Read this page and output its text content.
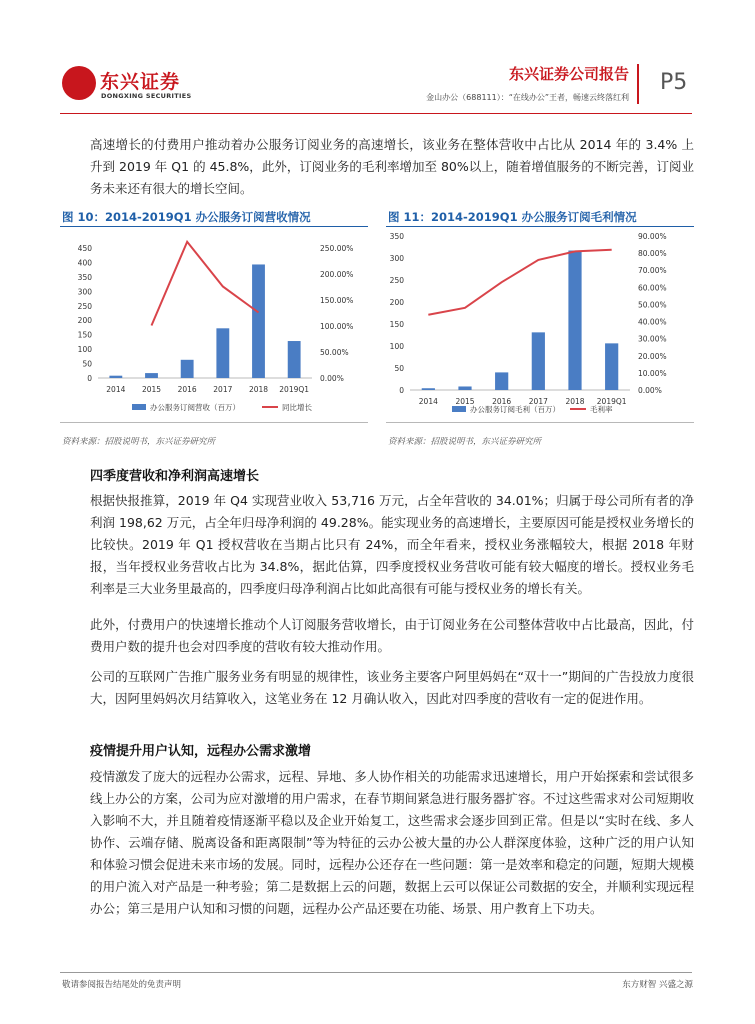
东兴证券
DONGXING SECURITIES
东兴证券公司报告
金山办公（688111）：“在线办公”王者，畅速云终落红利
P5
高速增长的付费用户推动着办公服务订阅业务的高速增长，该业务在整体营收中占比从 2014 年的 3.4% 上升到 2019 年 Q1 的 45.8%，此外，订阅业务的毛利率增加至 80%以上，随着增值服务的不断完善，订阅业务未来还有很大的增长空间。
图 10：2014-2019Q1 办公服务订阅营收情况
0
50
100
150
200
250
300
350
400
450
0.00%
50.00%
100.00%
150.00%
200.00%
250.00%
2014 2015 2016 2017 2018 2019Q1
办公服务订阅营收（百万）	同比增长
资料来源：招股说明书，东兴证券研究所
图 11：2014-2019Q1 办公服务订阅毛利情况
0
50
100
150
200
250
300
350
0.00%
10.00%
20.00%
30.00%
40.00%
50.00%
60.00%
70.00%
80.00%
90.00%
2014 2015 2016 2017 2018 2019Q1
办公服务订阅毛利（百万）	毛利率
资料来源：招股说明书，东兴证券研究所
四季度营收和净利润高速增长
根据快报推算，2019 年 Q4 实现营业收入 53,716 万元，占全年营收的 34.01%；归属于母公司所有者的净利润 198,62 万元，占全年归母净利润的 49.28%。能实现业务的高速增长，主要原因可能是授权业务增长的比较快。2019 年 Q1 授权营收在当期占比只有 24%，而全年看来，授权业务涨幅较大，根据 2018 年财报，当年授权业务营收占比为 34.8%，据此估算，四季度授权业务营收可能有较大幅度的增长。授权业务毛利率是三大业务里最高的，四季度归母净利润占比如此高很有可能与授权业务的增长有关。
此外，付费用户的快速增长推动个人订阅服务营收增长，由于订阅业务在公司整体营收中占比最高，因此，付费用户数的提升也会对四季度的营收有较大推动作用。
公司的互联网广告推广服务业务有明显的规律性，该业务主要客户阿里妈妈在“双十一”期间的广告投放力度很大，因阿里妈妈次月结算收入，这笔业务在 12 月确认收入，因此对四季度的营收有一定的促进作用。
疫情提升用户认知，远程办公需求激增
疫情激发了庞大的远程办公需求，远程、异地、多人协作相关的功能需求迅速增长，用户开始探索和尝试很多线上办公的方案，公司为应对激增的用户需求，在春节期间紧急进行服务器扩容。不过这些需求对公司短期收入影响不大，并且随着疫情逐渐平稳以及企业开始复工，这些需求会逐步回到正常。但是以“实时在线、多人协作、云端存储、脱离设备和距离限制”等为特征的云办公被大量的办公人群深度体验，这种广泛的用户认知和体验习惯会促进未来市场的发展。同时，远程办公还存在一些问题：第一是效率和稳定的问题，短期大规模的用户流入对产品是一种考验；第二是数据上云的问题，数据上云可以保证公司数据的安全，并顺利实现远程办公；第三是用户认知和习惯的问题，远程办公产品还要在功能、场景、用户教育上下功夫。
敬请参阅报告结尾处的免责声明	东方财智 兴盛之源
